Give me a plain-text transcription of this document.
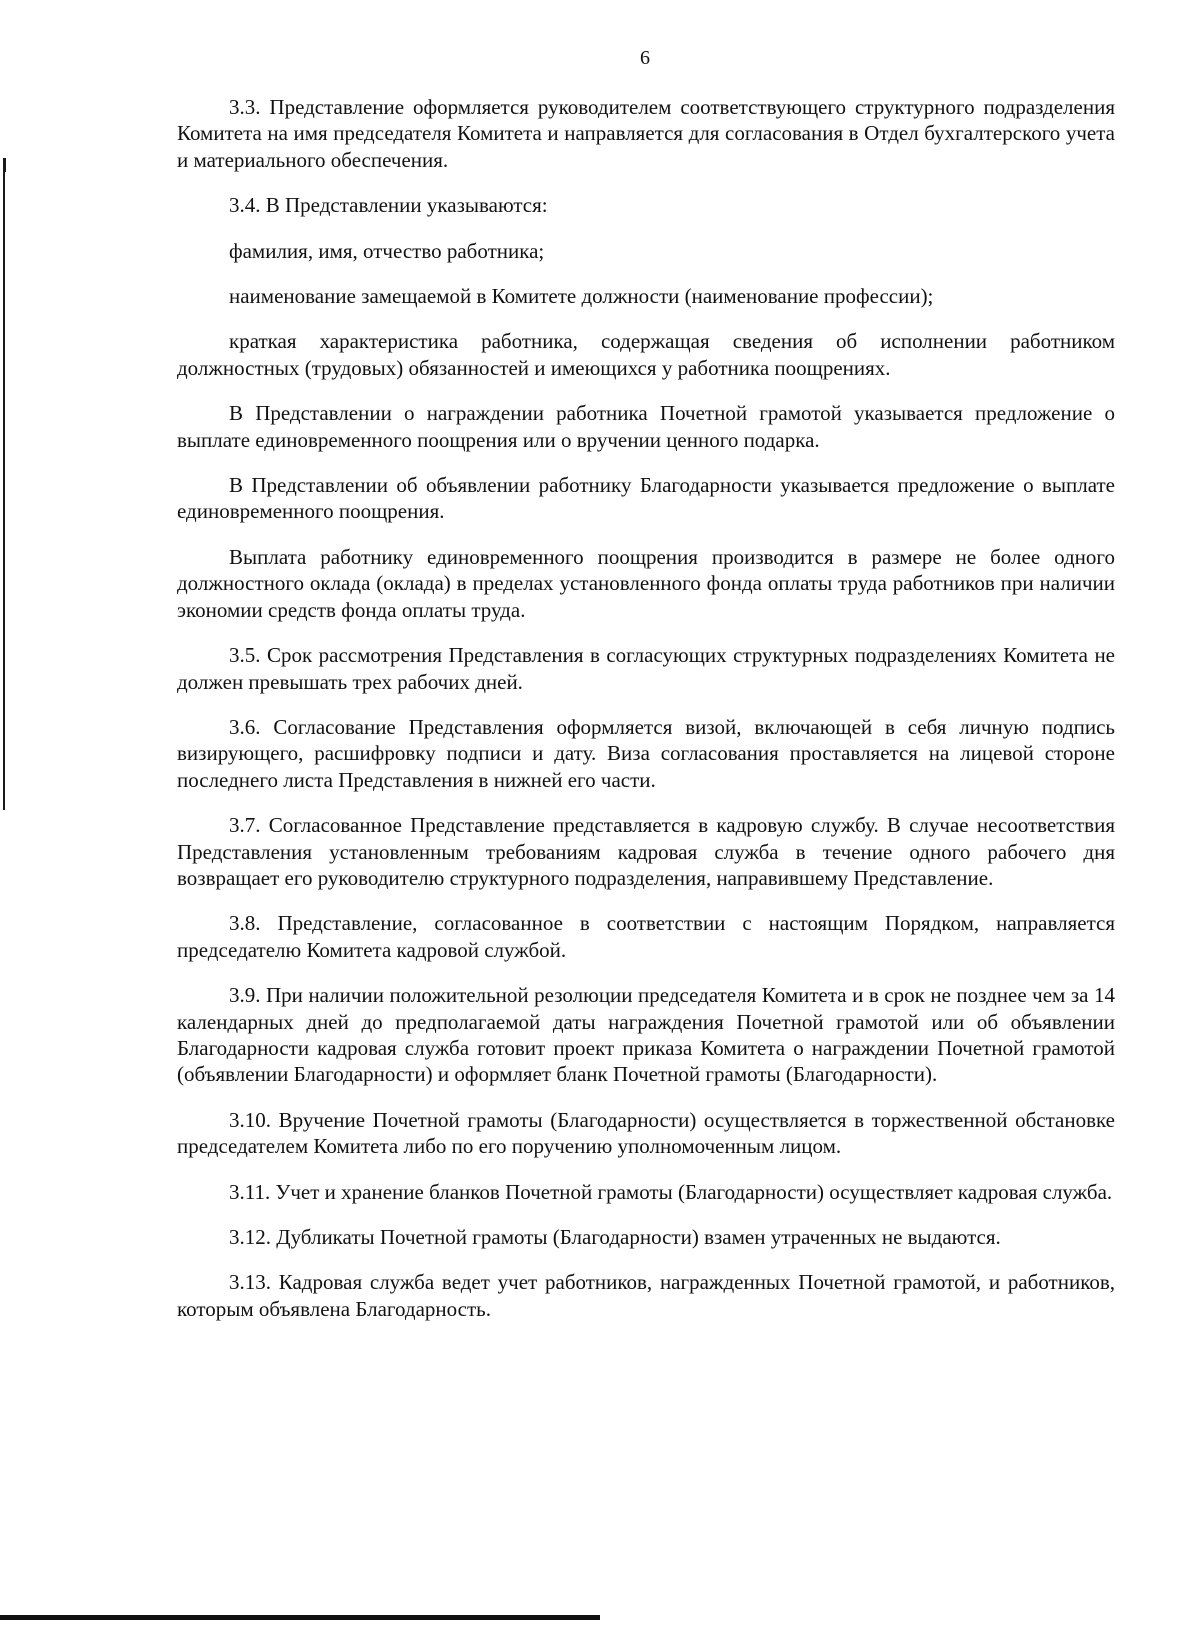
6

3.3. Представление оформляется руководителем соответствующего структурного подразделения Комитета на имя председателя Комитета и направляется для согласования в Отдел бухгалтерского учета и материального обеспечения.

3.4. В Представлении указываются:

фамилия, имя, отчество работника;

наименование замещаемой в Комитете должности (наименование профессии);

краткая характеристика работника, содержащая сведения об исполнении работником должностных (трудовых) обязанностей и имеющихся у работника поощрениях.

В Представлении о награждении работника Почетной грамотой указывается предложение о выплате единовременного поощрения или о вручении ценного подарка.

В Представлении об объявлении работнику Благодарности указывается предложение о выплате единовременного поощрения.

Выплата работнику единовременного поощрения производится в размере не более одного должностного оклада (оклада) в пределах установленного фонда оплаты труда работников при наличии экономии средств фонда оплаты труда.

3.5. Срок рассмотрения Представления в согласующих структурных подразделениях Комитета не должен превышать трех рабочих дней.

3.6. Согласование Представления оформляется визой, включающей в себя личную подпись визирующего, расшифровку подписи и дату. Виза согласования проставляется на лицевой стороне последнего листа Представления в нижней его части.

3.7. Согласованное Представление представляется в кадровую службу. В случае несоответствия Представления установленным требованиям кадровая служба в течение одного рабочего дня возвращает его руководителю структурного подразделения, направившему Представление.

3.8. Представление, согласованное в соответствии с настоящим Порядком, направляется председателю Комитета кадровой службой.

3.9. При наличии положительной резолюции председателя Комитета и в срок не позднее чем за 14 календарных дней до предполагаемой даты награждения Почетной грамотой или об объявлении Благодарности кадровая служба готовит проект приказа Комитета о награждении Почетной грамотой (объявлении Благодарности) и оформляет бланк Почетной грамоты (Благодарности).

3.10. Вручение Почетной грамоты (Благодарности) осуществляется в торжественной обстановке председателем Комитета либо по его поручению уполномоченным лицом.

3.11. Учет и хранение бланков Почетной грамоты (Благодарности) осуществляет кадровая служба.

3.12. Дубликаты Почетной грамоты (Благодарности) взамен утраченных не выдаются.

3.13. Кадровая служба ведет учет работников, награжденных Почетной грамотой, и работников, которым объявлена Благодарность.
